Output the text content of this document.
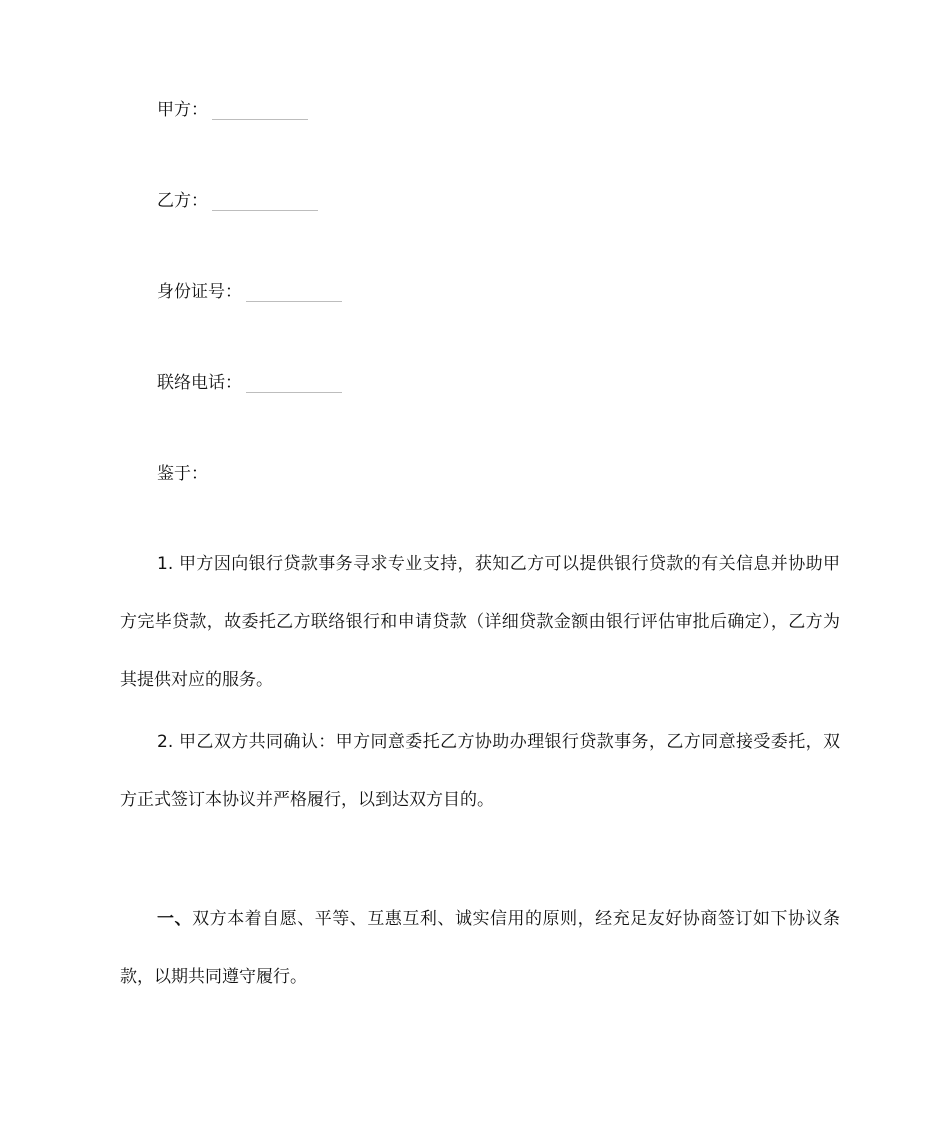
甲方：
乙方：
身份证号：
联络电话：
鉴于：
1. 甲方因向银行贷款事务寻求专业支持，获知乙方可以提供银行贷款的有关信息并协助甲方完毕贷款，故委托乙方联络银行和申请贷款（详细贷款金额由银行评估审批后确定），乙方为其提供对应的服务。
2. 甲乙双方共同确认：甲方同意委托乙方协助办理银行贷款事务，乙方同意接受委托，双方正式签订本协议并严格履行，以到达双方目的。
一、双方本着自愿、平等、互惠互利、诚实信用的原则，经充足友好协商签订如下协议条款，以期共同遵守履行。
